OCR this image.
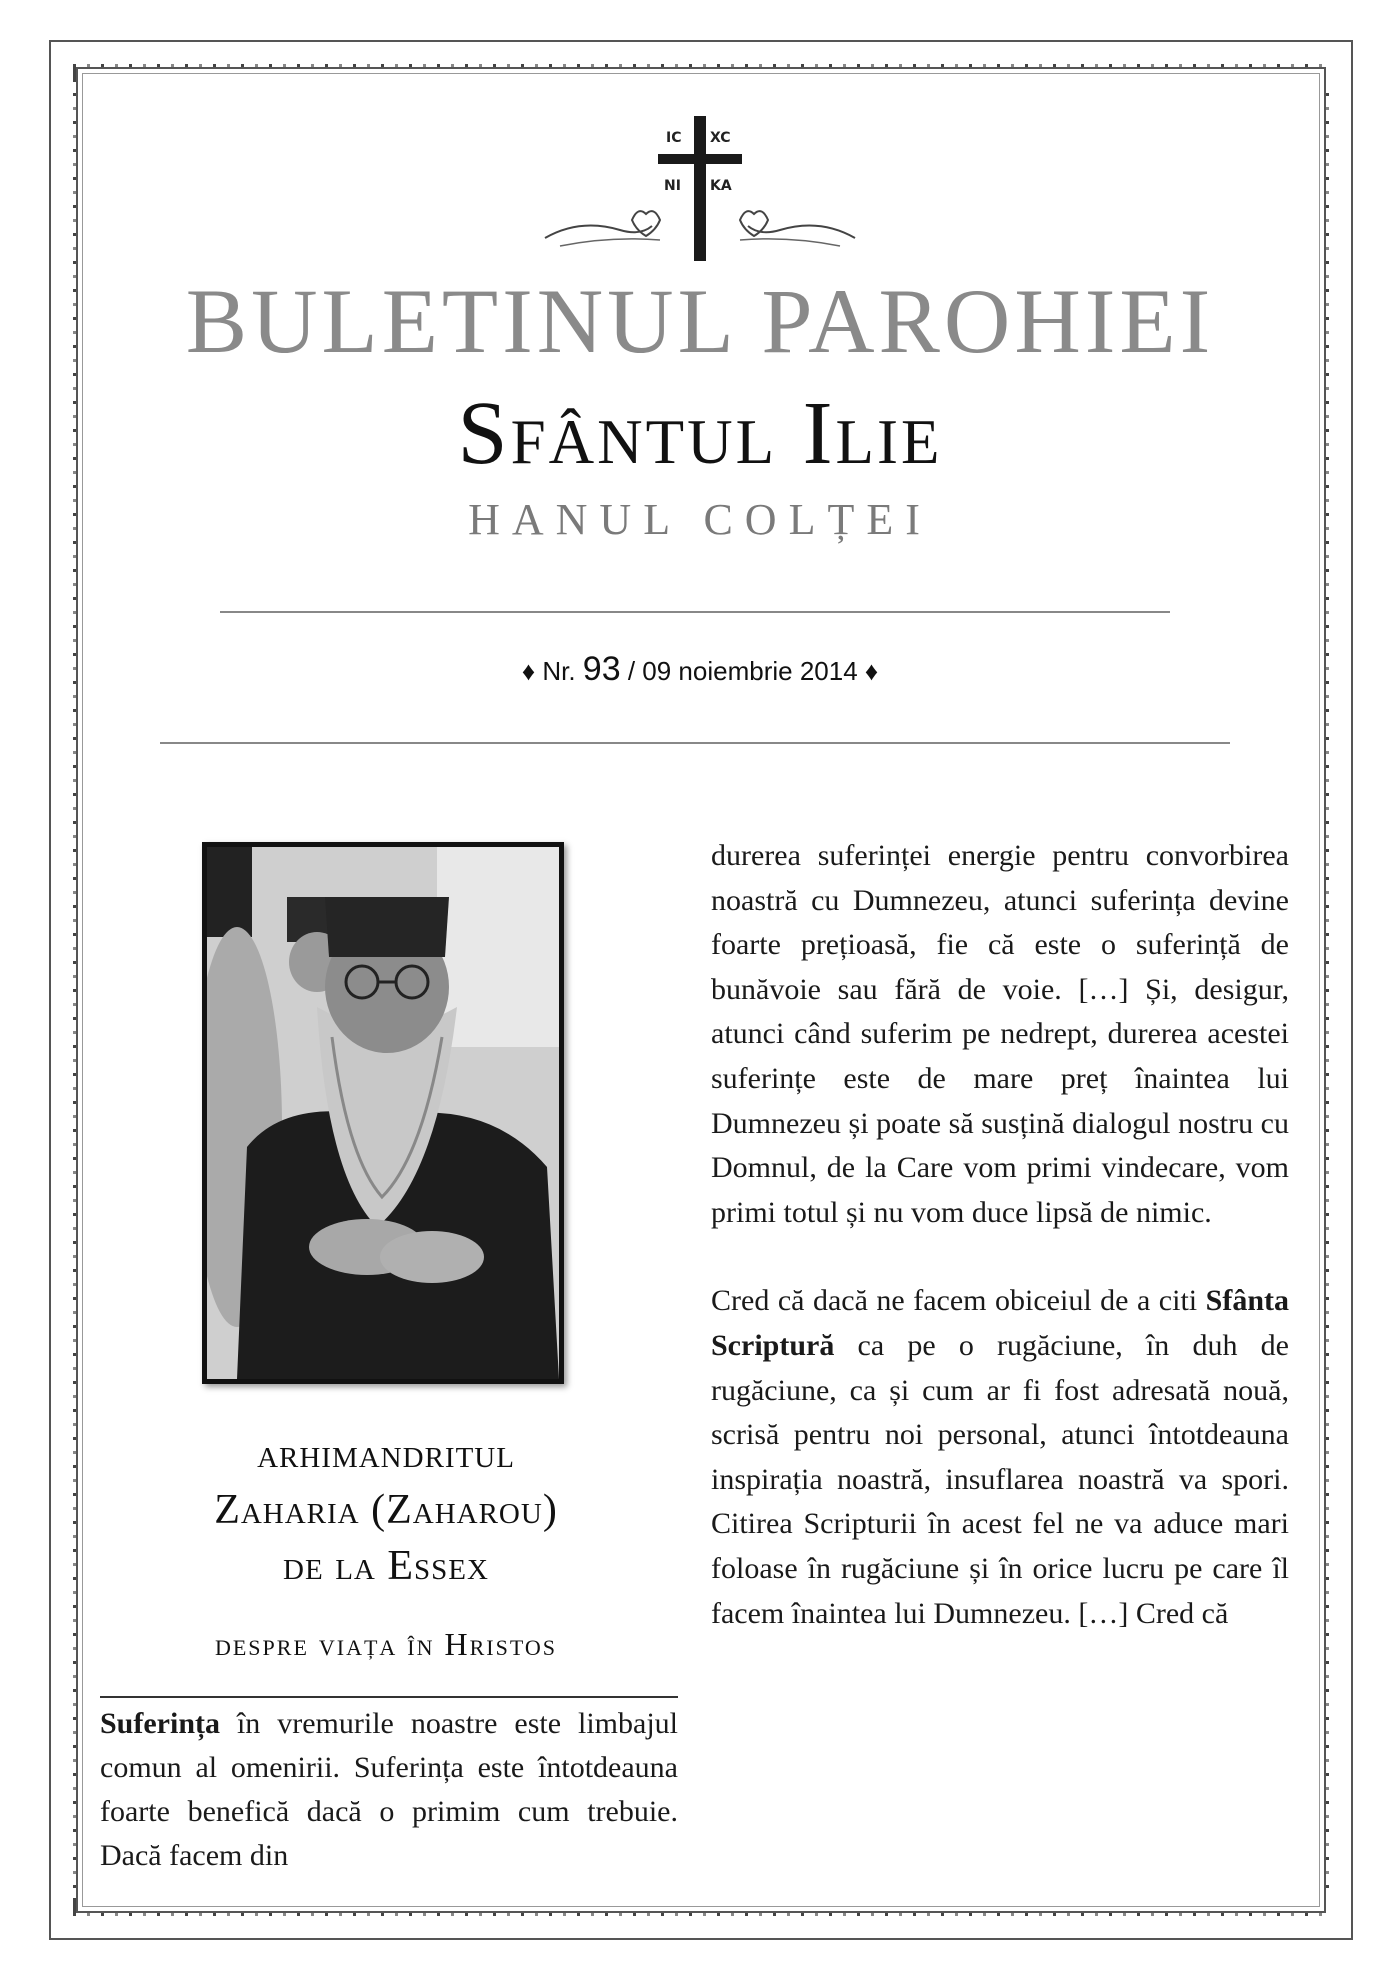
IC XC
NI KA
BULETINUL PAROHIEI
Sfântul Ilie
HANUL COLȚEI
♦ Nr. 93 / 09 noiembrie 2014 ♦
arhimandritul
Zaharia (Zaharou)
de la Essex
despre viața în Hristos

Suferința în vremurile noastre este limbajul comun al omenirii. Suferința este întotdeauna foarte benefică dacă o primim cum trebuie. Dacă facem din

durerea suferinței energie pentru convorbirea noastră cu Dumnezeu, atunci suferința devine foarte prețioasă, fie că este o suferință de bunăvoie sau fără de voie. […] Și, desigur, atunci când suferim pe nedrept, durerea acestei suferințe este de mare preț înaintea lui Dumnezeu și poate să susțină dialogul nostru cu Domnul, de la Care vom primi vindecare, vom primi totul și nu vom duce lipsă de nimic.

Cred că dacă ne facem obiceiul de a citi Sfânta Scriptură ca pe o rugăciune, în duh de rugăciune, ca și cum ar fi fost adresată nouă, scrisă pentru noi personal, atunci întotdeauna inspirația noastră, insuflarea noastră va spori. Citirea Scripturii în acest fel ne va aduce mari foloase în rugăciune și în orice lucru pe care îl facem înaintea lui Dumnezeu. […] Cred că
